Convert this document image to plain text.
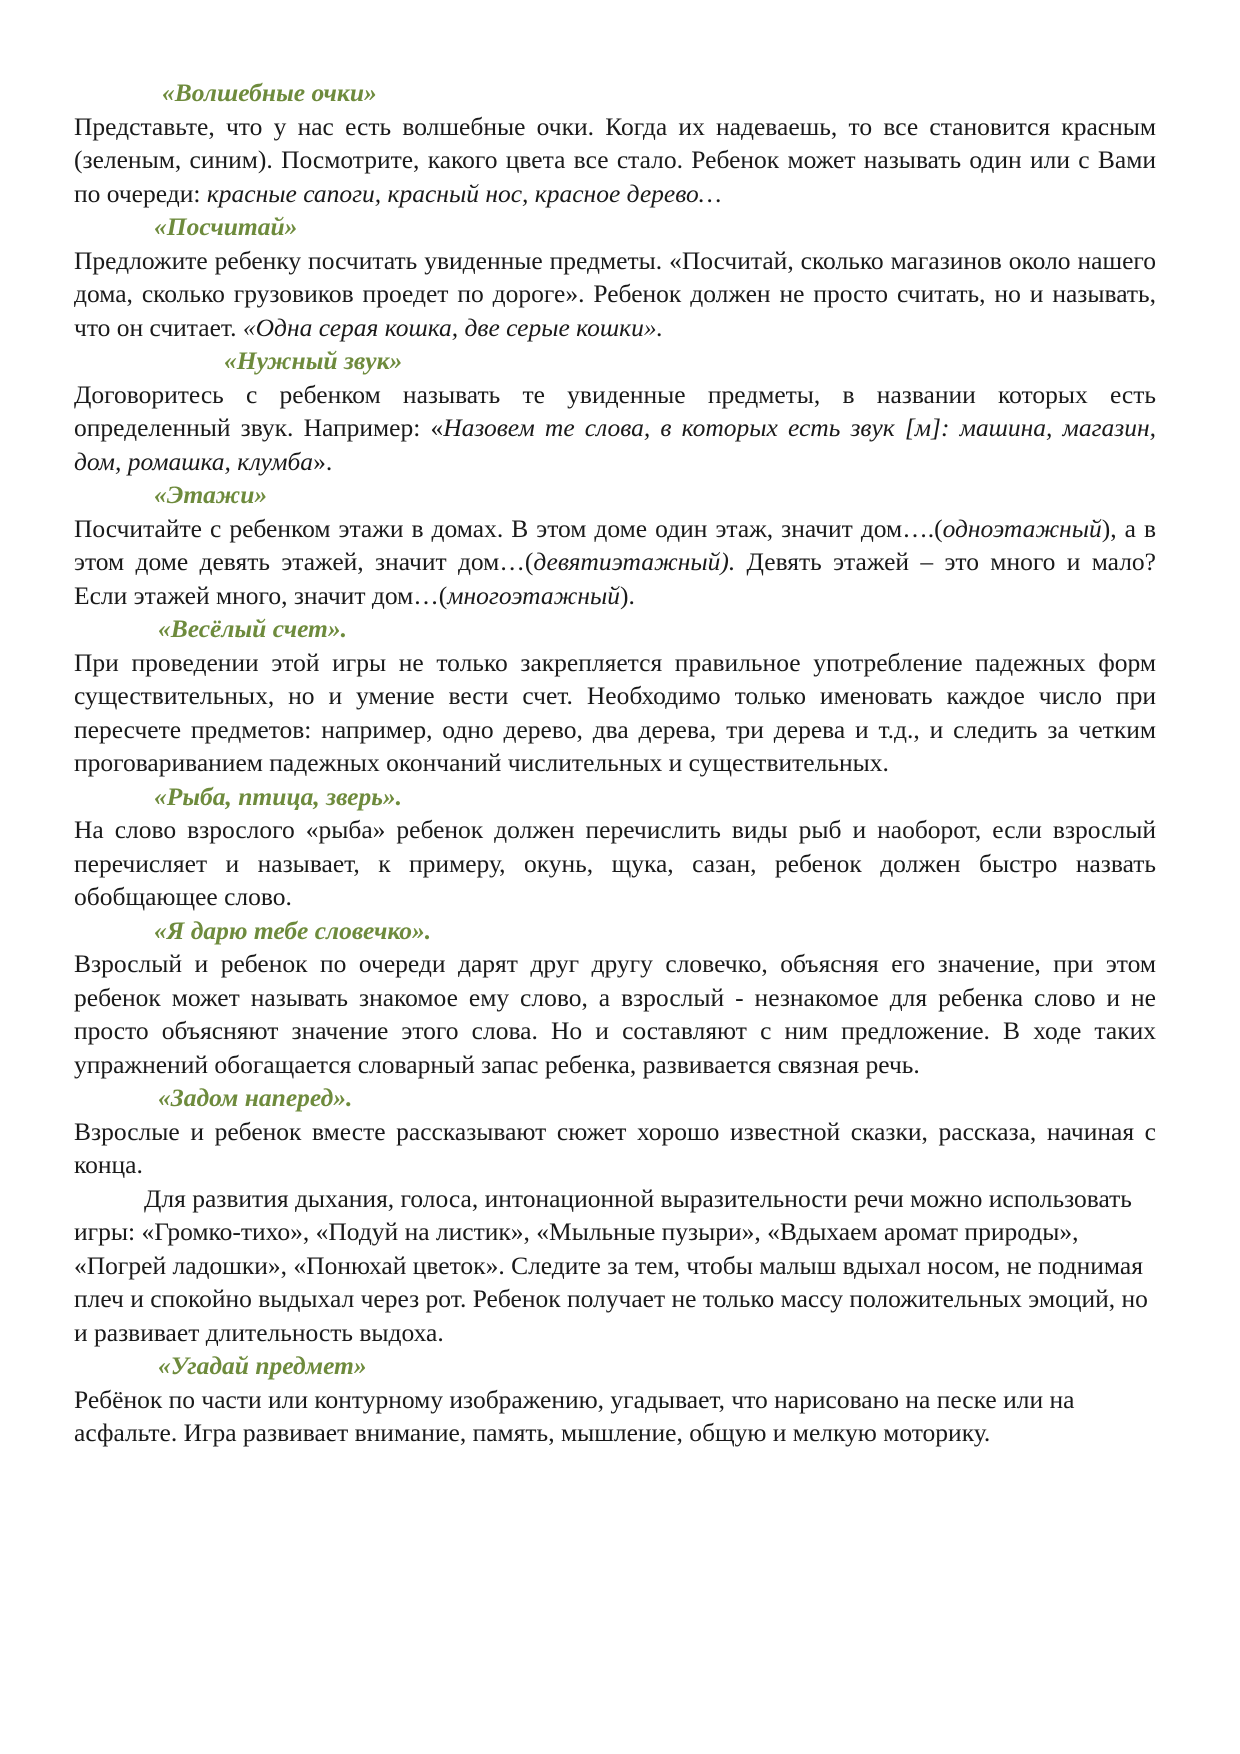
«Волшебные очки»

Представьте, что у нас есть волшебные очки. Когда их надеваешь, то все становится красным (зеленым, синим). Посмотрите, какого цвета все стало. Ребенок может называть один или с Вами по очереди: красные сапоги, красный нос, красное дерево…

«Посчитай»

Предложите ребенку посчитать увиденные предметы. «Посчитай, сколько магазинов около нашего дома, сколько грузовиков проедет по дороге». Ребенок должен не просто считать, но и называть, что он считает. «Одна серая кошка, две серые кошки».

«Нужный звук»

Договоритесь с ребенком называть те увиденные предметы, в названии которых есть определенный звук. Например: «Назовем те слова, в которых есть звук [м]: машина, магазин, дом, ромашка, клумба».

«Этажи»

Посчитайте с ребенком этажи в домах. В этом доме один этаж, значит дом….(одноэтажный), а в этом доме девять этажей, значит дом…(девятиэтажный). Девять этажей – это много и мало? Если этажей много, значит дом…(многоэтажный).

«Весёлый счет».

При проведении этой игры не только закрепляется правильное употребление падежных форм существительных, но и умение вести счет. Необходимо только именовать каждое число при пересчете предметов: например, одно дерево, два дерева, три дерева и т.д., и следить за четким проговариванием падежных окончаний числительных и существительных.

«Рыба, птица, зверь».

На слово взрослого «рыба» ребенок должен перечислить виды рыб и наоборот, если взрослый перечисляет и называет, к примеру, окунь, щука, сазан, ребенок должен быстро назвать обобщающее слово.

«Я дарю тебе словечко».

Взрослый и ребенок по очереди дарят друг другу словечко, объясняя его значение, при этом ребенок может называть знакомое ему слово, а взрослый - незнакомое для ребенка слово и не просто объясняют значение этого слова. Но и составляют с ним предложение. В ходе таких упражнений обогащается словарный запас ребенка, развивается связная речь.

«Задом наперед».

Взрослые и ребенок вместе рассказывают сюжет хорошо известной сказки, рассказа, начиная с конца.

Для развития дыхания, голоса, интонационной выразительности речи можно использовать игры: «Громко-тихо», «Подуй на листик», «Мыльные пузыри», «Вдыхаем аромат природы», «Погрей ладошки», «Понюхай цветок». Следите за тем, чтобы малыш вдыхал носом, не поднимая плеч и спокойно выдыхал через рот. Ребенок получает не только массу положительных эмоций, но и развивает длительность выдоха.

«Угадай предмет»

Ребёнок по части или контурному изображению, угадывает, что нарисовано на песке или на асфальте. Игра развивает внимание, память, мышление, общую и мелкую моторику.
